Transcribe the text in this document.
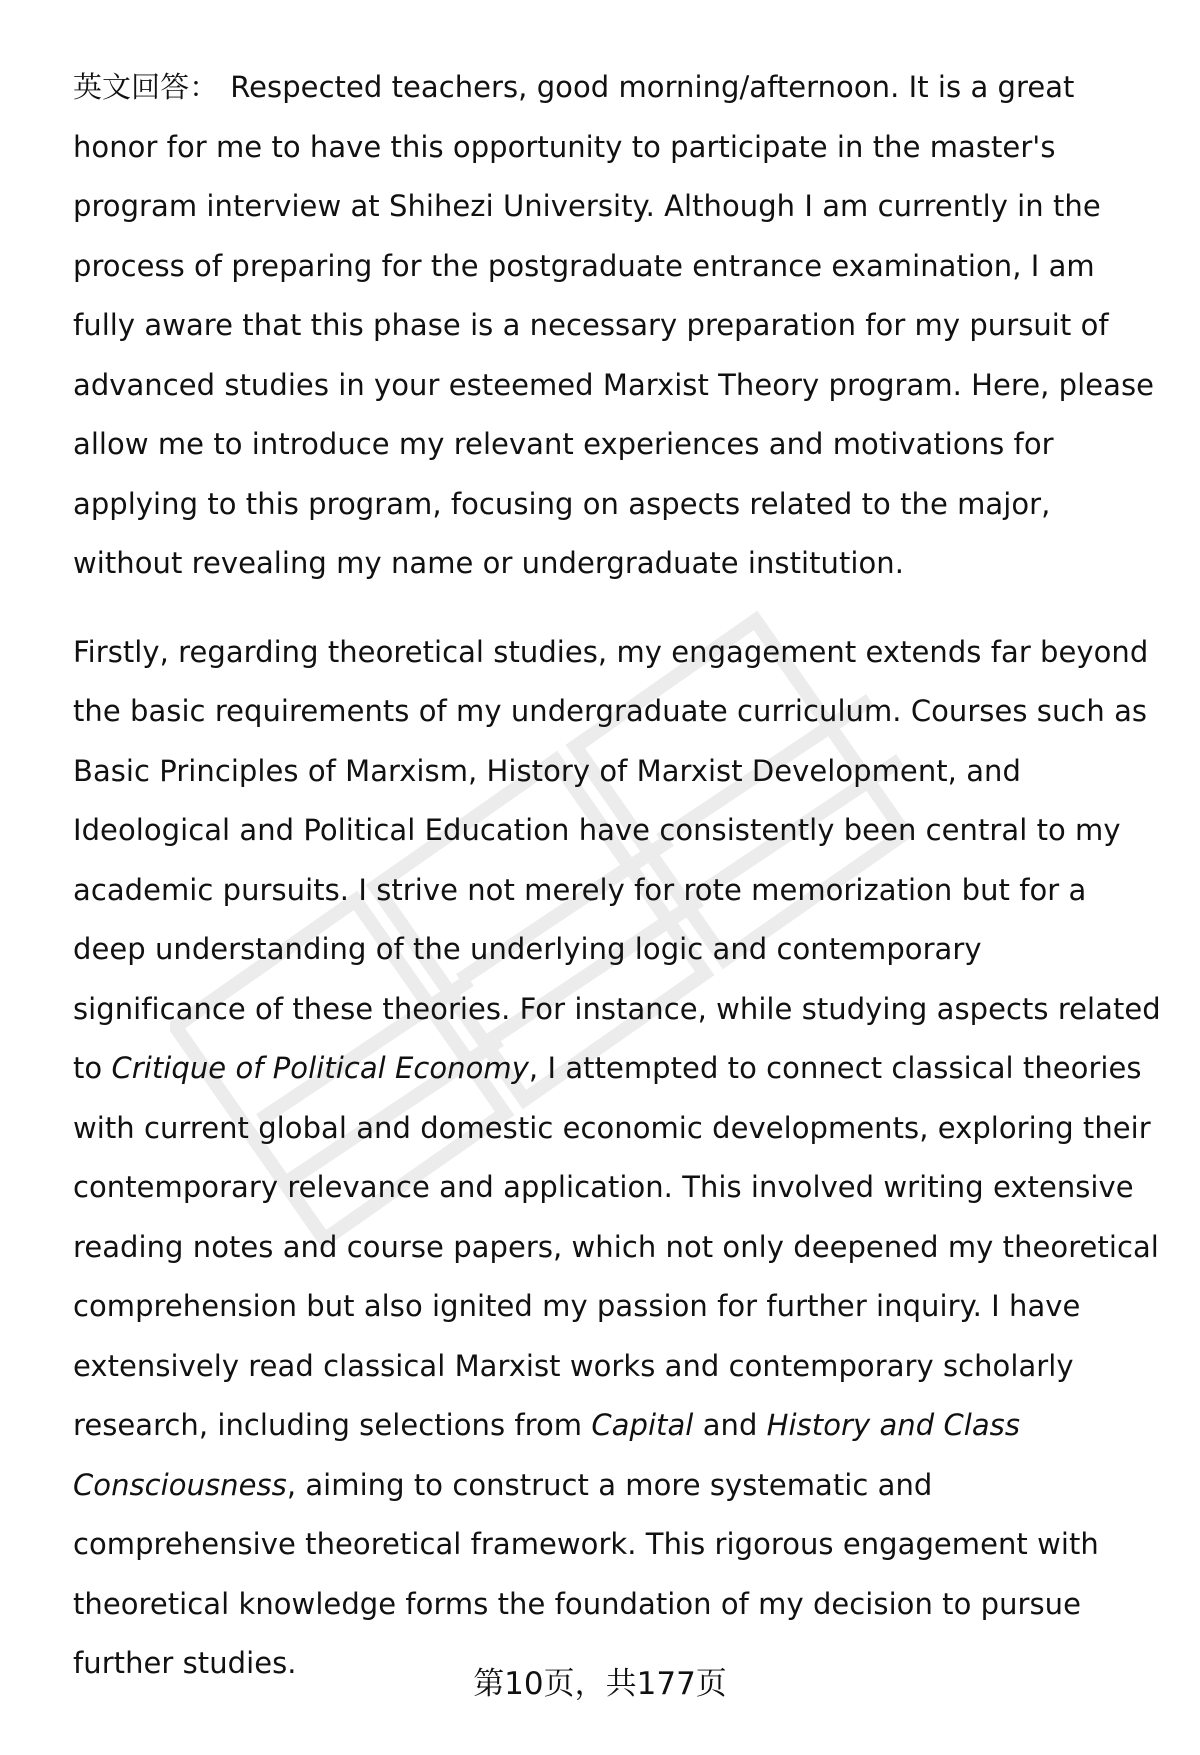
英文回答： Respected teachers, good morning/afternoon. It is a great honor for me to have this opportunity to participate in the master's program interview at Shihezi University. Although I am currently in the process of preparing for the postgraduate entrance examination, I am fully aware that this phase is a necessary preparation for my pursuit of advanced studies in your esteemed Marxist Theory program. Here, please allow me to introduce my relevant experiences and motivations for applying to this program, focusing on aspects related to the major, without revealing my name or undergraduate institution.

Firstly, regarding theoretical studies, my engagement extends far beyond the basic requirements of my undergraduate curriculum. Courses such as Basic Principles of Marxism, History of Marxist Development, and Ideological and Political Education have consistently been central to my academic pursuits. I strive not merely for rote memorization but for a deep understanding of the underlying logic and contemporary significance of these theories. For instance, while studying aspects related to Critique of Political Economy, I attempted to connect classical theories with current global and domestic economic developments, exploring their contemporary relevance and application. This involved writing extensive reading notes and course papers, which not only deepened my theoretical comprehension but also ignited my passion for further inquiry. I have extensively read classical Marxist works and contemporary scholarly research, including selections from Capital and History and Class Consciousness, aiming to construct a more systematic and comprehensive theoretical framework. This rigorous engagement with theoretical knowledge forms the foundation of my decision to pursue further studies.

第10页，共177页
